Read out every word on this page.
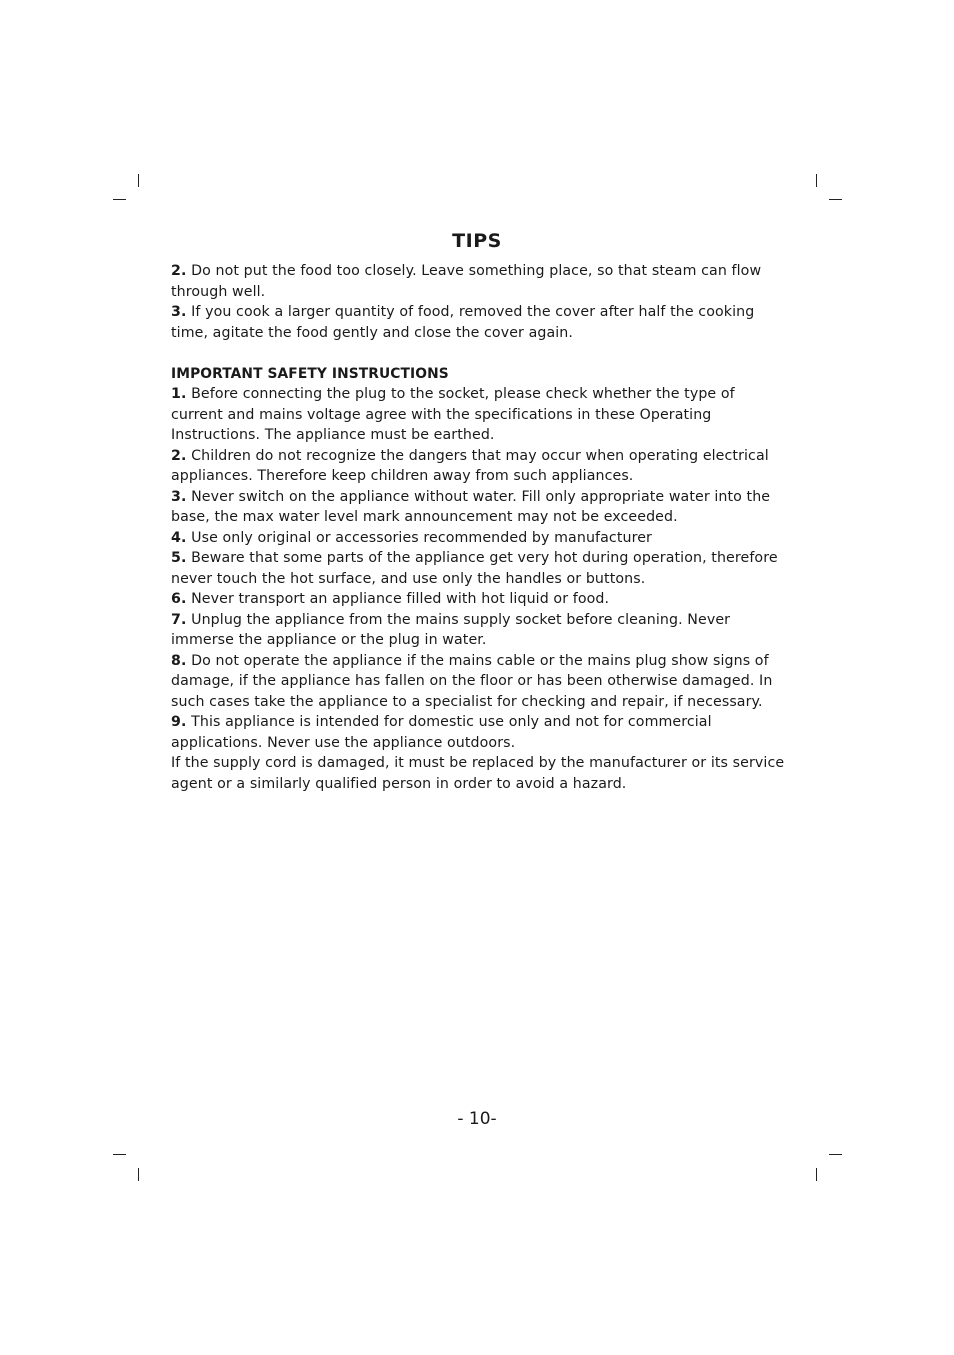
TIPS

2. Do not put the food too closely. Leave something place, so that steam can flow through well.

3. If you cook a larger quantity of food, removed the cover after half the cooking time, agitate the food gently and close the cover again.

IMPORTANT SAFETY INSTRUCTIONS

1. Before connecting the plug to the socket, please check whether the type of current and mains voltage agree with the specifications in these Operating Instructions. The appliance must be earthed.

2. Children do not recognize the dangers that may occur when operating electrical appliances. Therefore keep children away from such appliances.

3. Never switch on the appliance without water. Fill only appropriate water into the base, the max water level mark announcement may not be exceeded.

4. Use only original or accessories recommended by manufacturer

5. Beware that some parts of the appliance get very hot during operation, therefore never touch the hot surface, and use only the handles or buttons.

6. Never transport an appliance filled with hot liquid or food.

7. Unplug the appliance from the mains supply socket before cleaning. Never immerse the appliance or the plug in water.

8. Do not operate the appliance if the mains cable or the mains plug show signs of damage, if the appliance has fallen on the floor or has been otherwise damaged. In such cases take the appliance to a specialist for checking and repair, if necessary.

9. This appliance is intended for domestic use only and not for commercial applications. Never use the appliance outdoors.

If the supply cord is damaged, it must be replaced by the manufacturer or its service agent or a similarly qualified person in order to avoid a hazard.

- 10-
